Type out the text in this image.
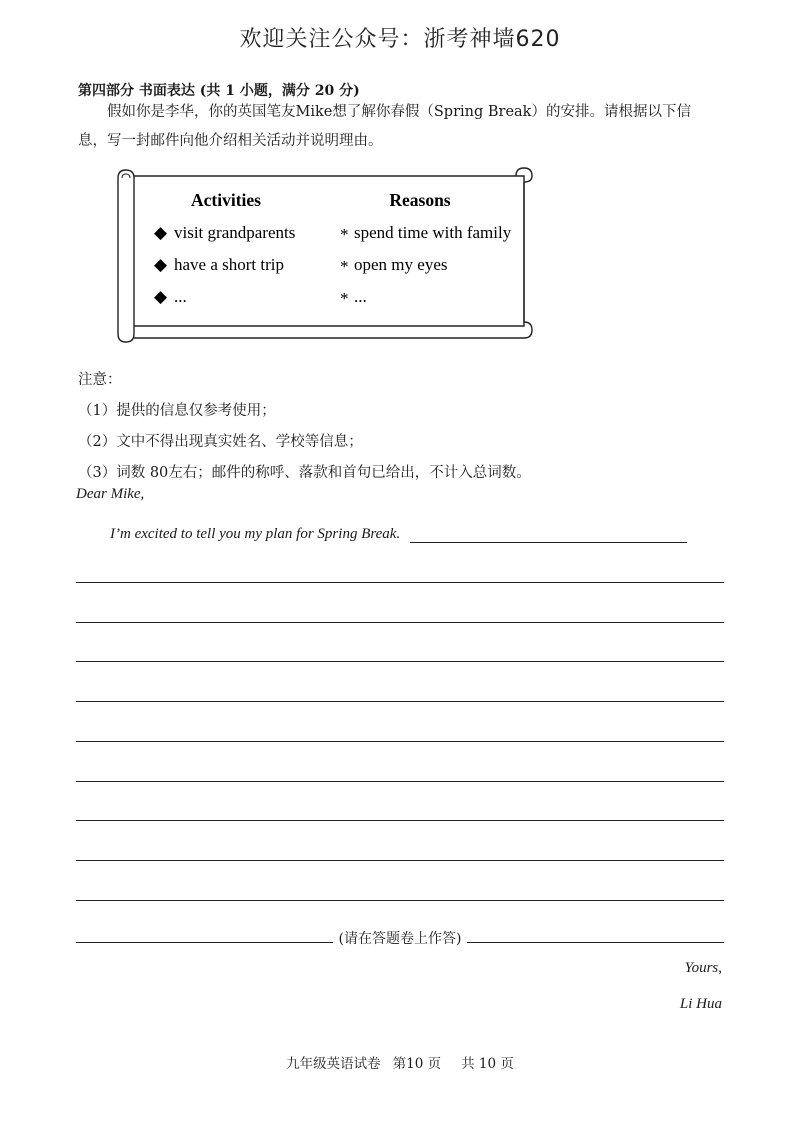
欢迎关注公众号：浙考神墙620
第四部分 书面表达 (共 1 小题，满分 20 分)

假如你是李华，你的英国笔友Mike想了解你春假（Spring Break）的安排。请根据以下信

息，写一封邮件向他介绍相关活动并说明理由。

Activities	Reasons
◆ visit grandparents	* spend time with family
◆ have a short trip	* open my eyes
◆ ...	* ...

注意：

（1）提供的信息仅参考使用；

（2）文中不得出现真实姓名、学校等信息；

（3）词数 80左右；邮件的称呼、落款和首句已给出，不计入总词数。

Dear Mike,
I’m excited to tell you my plan for Spring Break.
(请在答题卷上作答)
Yours,
Li Hua
九年级英语试卷 第10 页 共 10 页
